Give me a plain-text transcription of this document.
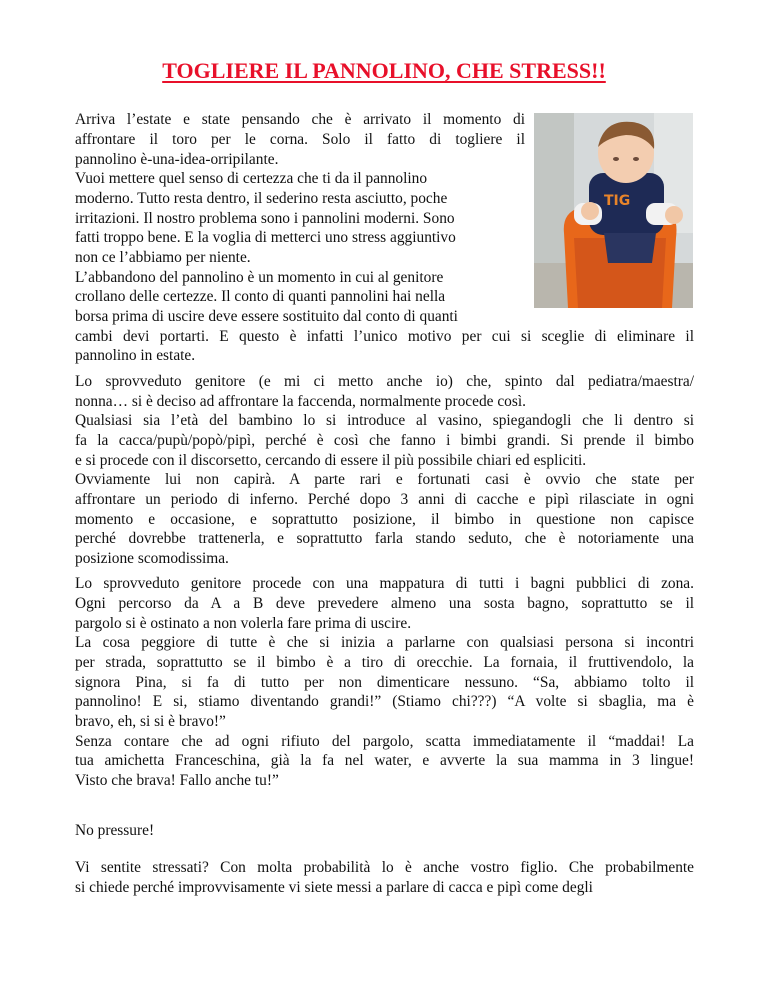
TOGLIERE IL PANNOLINO, CHE STRESS!!
TIG
Arriva l’estate e state pensando che è arrivato il momento di
affrontare il toro per le corna. Solo il fatto di togliere il
pannolino è-una-idea-orripilante.
Vuoi mettere quel senso di certezza che ti da il pannolino
moderno. Tutto resta dentro, il sederino resta asciutto, poche
irritazioni. Il nostro problema sono i pannolini moderni. Sono
fatti troppo bene. E la voglia di metterci uno stress aggiuntivo
non ce l’abbiamo per niente.
L’abbandono del pannolino è un momento in cui al genitore
crollano delle certezze. Il conto di quanti pannolini hai nella
borsa prima di uscire deve essere sostituito dal conto di quanti
cambi devi portarti. E questo è infatti l’unico motivo per cui si sceglie di eliminare il
pannolino in estate.
Lo sprovveduto genitore (e mi ci metto anche io) che, spinto dal pediatra/maestra/
nonna… si è deciso ad affrontare la faccenda, normalmente procede così.
Qualsiasi sia l’età del bambino lo si introduce al vasino, spiegandogli che li dentro si
fa la cacca/pupù/popò/pipì, perché è così che fanno i bimbi grandi. Si prende il bimbo
e si procede con il discorsetto, cercando di essere il più possibile chiari ed espliciti.
Ovviamente lui non capirà. A parte rari e fortunati casi è ovvio che state per
affrontare un periodo di inferno. Perché dopo 3 anni di cacche e pipì rilasciate in ogni
momento e occasione, e soprattutto posizione, il bimbo in questione non capisce
perché dovrebbe trattenerla, e soprattutto farla stando seduto, che è notoriamente una
posizione scomodissima.
Lo sprovveduto genitore procede con una mappatura di tutti i bagni pubblici di zona.
Ogni percorso da A a B deve prevedere almeno una sosta bagno, soprattutto se il
pargolo si è ostinato a non volerla fare prima di uscire.
La cosa peggiore di tutte è che si inizia a parlarne con qualsiasi persona si incontri
per strada, soprattutto se il bimbo è a tiro di orecchie. La fornaia, il fruttivendolo, la
signora Pina, si fa di tutto per non dimenticare nessuno. “Sa, abbiamo tolto il
pannolino! E si, stiamo diventando grandi!” (Stiamo chi???) “A volte si sbaglia, ma è
bravo, eh, si si è bravo!”
Senza contare che ad ogni rifiuto del pargolo, scatta immediatamente il “maddai! La
tua amichetta Franceschina, già la fa nel water, e avverte la sua mamma in 3 lingue!
Visto che brava! Fallo anche tu!”
No pressure!
Vi sentite stressati? Con molta probabilità lo è anche vostro figlio. Che probabilmente
si chiede perché improvvisamente vi siete messi a parlare di cacca e pipì come degli
